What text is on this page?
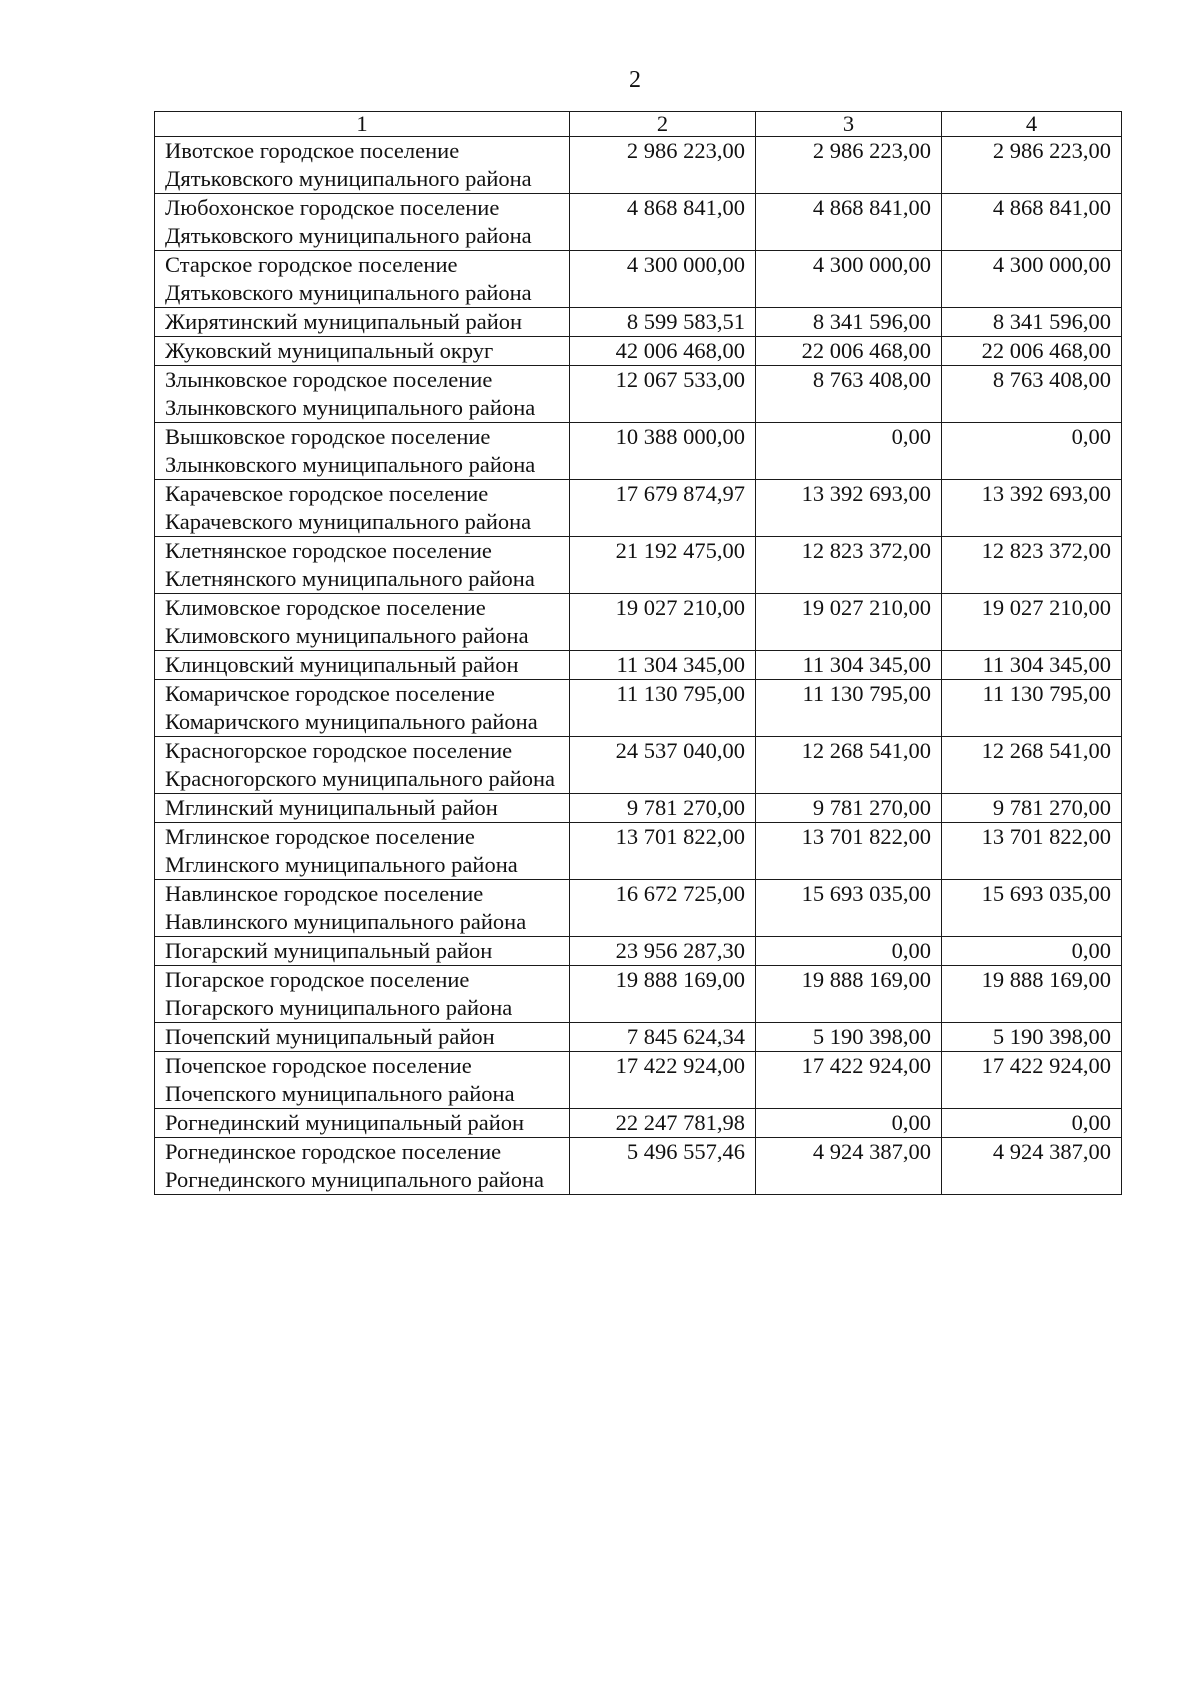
2
1	2	3	4
Ивотское городское поселение Дятьковского муниципального района	2 986 223,00	2 986 223,00	2 986 223,00
Любохонское городское поселение Дятьковского муниципального района	4 868 841,00	4 868 841,00	4 868 841,00
Старское городское поселение Дятьковского муниципального района	4 300 000,00	4 300 000,00	4 300 000,00
Жирятинский муниципальный район	8 599 583,51	8 341 596,00	8 341 596,00
Жуковский муниципальный округ	42 006 468,00	22 006 468,00	22 006 468,00
Злынковское городское поселение Злынковского муниципального района	12 067 533,00	8 763 408,00	8 763 408,00
Вышковское городское поселение Злынковского муниципального района	10 388 000,00	0,00	0,00
Карачевское городское поселение Карачевского муниципального района	17 679 874,97	13 392 693,00	13 392 693,00
Клетнянское городское поселение Клетнянского муниципального района	21 192 475,00	12 823 372,00	12 823 372,00
Климовское городское поселение Климовского муниципального района	19 027 210,00	19 027 210,00	19 027 210,00
Клинцовский муниципальный район	11 304 345,00	11 304 345,00	11 304 345,00
Комаричское городское поселение Комаричского муниципального района	11 130 795,00	11 130 795,00	11 130 795,00
Красногорское городское поселение Красногорского муниципального района	24 537 040,00	12 268 541,00	12 268 541,00
Мглинский муниципальный район	9 781 270,00	9 781 270,00	9 781 270,00
Мглинское городское поселение Мглинского муниципального района	13 701 822,00	13 701 822,00	13 701 822,00
Навлинское городское поселение Навлинского муниципального района	16 672 725,00	15 693 035,00	15 693 035,00
Погарский муниципальный район	23 956 287,30	0,00	0,00
Погарское городское поселение Погарского муниципального района	19 888 169,00	19 888 169,00	19 888 169,00
Почепский муниципальный район	7 845 624,34	5 190 398,00	5 190 398,00
Почепское городское поселение Почепского муниципального района	17 422 924,00	17 422 924,00	17 422 924,00
Рогнединский муниципальный район	22 247 781,98	0,00	0,00
Рогнединское городское поселение Рогнединского муниципального района	5 496 557,46	4 924 387,00	4 924 387,00
